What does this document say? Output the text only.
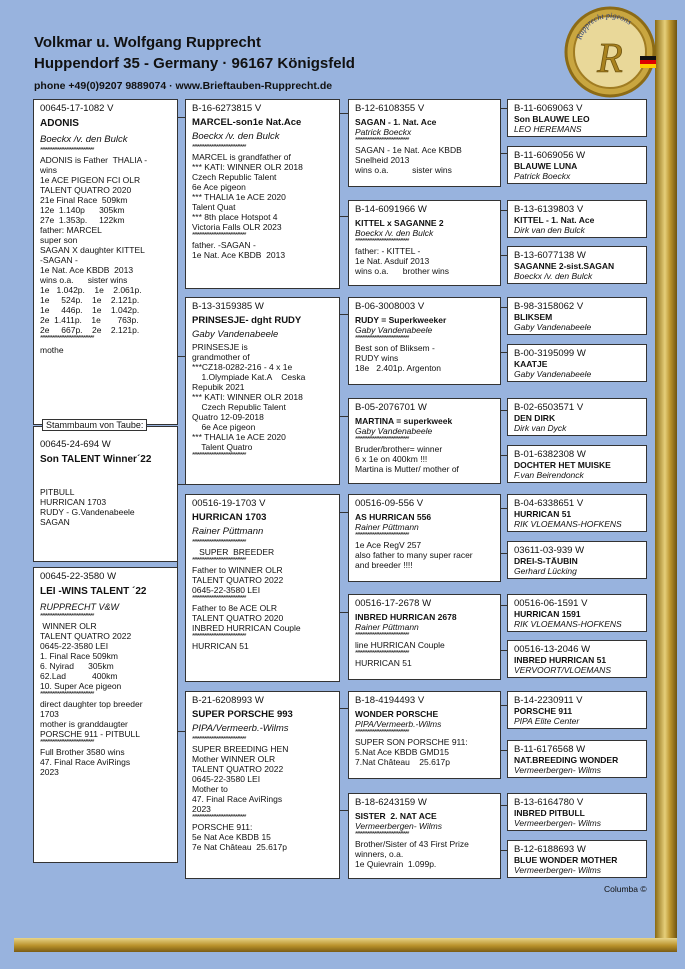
Volkmar u. Wolfgang Rupprecht
Huppendorf 35 - Germany · 96167 Königsfeld
phone +49(0)9207 9889074 · www.Brieftauben-Rupprecht.de
Rupprecht pigeons
R
00645-17-1082 V
ADONIS
Boeckx /v. den Bulck
*******************************
ADONIS is Father  THALIA -
wins
1e ACE PIGEON FCI OLR
TALENT QUATRO 2020
21e Final Race  509km
12e  1.140p      305km
27e  1.353p.     122km
father: MARCEL
super son
SAGAN X daughter KITTEL
-SAGAN -
1e Nat. Ace KBDB  2013
wins o.a.      sister wins
1e   1.042p.    1e    2.061p.
1e     524p.    1e    2.121p.
1e     446p.    1e    1.042p.
2e  1.411p.    1e       763p.
2e     667p.    2e    2.121p.
*******************************
mothe
00645-24-694 W
Son TALENT Winner´22
PITBULL
HURRICAN 1703
RUDY - G.Vandenabeele
SAGAN
Stammbaum von Taube:
00645-22-3580 W
LEI -WINS TALENT ´22
RUPPRECHT V&W
*******************************
WINNER OLR
TALENT QUATRO 2022
0645-22-3580 LEI
1. Final Race 509km
6. Nyirad      305km
62.Lad           400km
10. Super Ace pigeon
*******************************
direct daughter top breeder
1703
mother is granddaugter
PORSCHE 911 - PITBULL
*******************************
Full Brother 3580 wins
47. Final Race AviRings
2023
B-16-6273815 V
MARCEL-son1e Nat.Ace
Boeckx /v. den Bulck
*******************************
MARCEL is grandfather of
*** KATI: WINNER OLR 2018
Czech Republic Talent
6e Ace pigeon
*** THALIA 1e ACE 2020
Talent Quat
*** 8th place Hotspot 4
Victoria Falls OLR 2023
*******************************
father. -SAGAN -
1e Nat. Ace KBDB  2013
B-13-3159385 W
PRINSESJE- dght RUDY
Gaby Vandenabeele
PRINSESJE is
grandmother of
***CZ18-0282-216 - 4 x 1e
1.Olympiade Kat.A    Ceska
Repubik 2021
*** KATI: WINNER OLR 2018
Czech Republic Talent
Quatro 12-09-2018
6e Ace pigeon
*** THALIA 1e ACE 2020
Talent Quatro
*******************************
00516-19-1703 V
HURRICAN 1703
Rainer Püttmann
*******************************
SUPER  BREEDER
*******************************
Father to WINNER OLR
TALENT QUATRO 2022
0645-22-3580 LEI
*******************************
Father to 8e ACE OLR
TALENT QUATRO 2020
INBRED HURRICAN Couple
*******************************
HURRICAN 51
B-21-6208993 W
SUPER PORSCHE 993
PIPA/Vermeerb.-Wilms
*******************************
SUPER BREEDING HEN
Mother WINNER OLR
TALENT QUATRO 2022
0645-22-3580 LEI
Mother to
47. Final Race AviRings
2023
*******************************
PORSCHE 911:
5e Nat Ace KBDB 15
7e Nat Château  25.617p
B-12-6108355 V
SAGAN - 1. Nat. Ace
Patrick Boeckx
*******************************
SAGAN - 1e Nat. Ace KBDB
Snelheid 2013
wins o.a.          sister wins
B-14-6091966 W
KITTEL x SAGANNE 2
Boeckx /v. den Bulck
*******************************
father: - KITTEL -
1e Nat. Asduif 2013
wins o.a.      brother wins
B-06-3008003 V
RUDY = Superkweeker
Gaby Vandenabeele
*******************************
Best son of Bliksem -
RUDY wins
18e   2.401p. Argenton
B-05-2076701 W
MARTINA = superkweek
Gaby Vandenabeele
*******************************
Bruder/brother= winner
6 x 1e on 400km !!!
Martina is Mutter/ mother of
00516-09-556 V
AS HURRICAN 556
Rainer Püttmann
*******************************
1e Ace RegV 257
also father to many super racer
and breeder !!!!
00516-17-2678 W
INBRED HURRICAN 2678
Rainer Püttmann
*******************************
line HURRICAN Couple
*******************************
HURRICAN 51
B-18-4194493 V
WONDER PORSCHE
PIPA/Vermeerb.-Wilms
*******************************
SUPER SON PORSCHE 911:
5.Nat Ace KBDB GMD15
7.Nat Château    25.617p
B-18-6243159 W
SISTER  2. NAT ACE
Vermeerbergen- Wilms
*******************************
Brother/Sister of 43 First Prize
winners, o.a.
1e Quievrain  1.099p.
B-11-6069063 V
Son BLAUWE LEO
LEO HEREMANS
B-11-6069056 W
BLAUWE LUNA
Patrick Boeckx
B-13-6139803 V
KITTEL - 1. Nat. Ace
Dirk van den Bulck
B-13-6077138 W
SAGANNE 2-sist.SAGAN
Boeckx /v. den Bulck
B-98-3158062 V
BLIKSEM
Gaby Vandenabeele
B-00-3195099 W
KAATJE
Gaby Vandenabeele
B-02-6503571 V
DEN DIRK
Dirk van Dyck
B-01-6382308 W
DOCHTER HET MUISKE
F.van Beirendonck
B-04-6338651 V
HURRICAN 51
RIK VLOEMANS-HOFKENS
03611-03-939 W
DREI-S-TÄUBIN
Gerhard Lücking
00516-06-1591 V
HURRICAN 1591
RIK VLOEMANS-HOFKENS
00516-13-2046 W
INBRED HURRICAN 51
VERVOORT/VLOEMANS
B-14-2230911 V
PORSCHE 911
PIPA Elite Center
B-11-6176568 W
NAT.BREEDING WONDER
Vermeerbergen- Wilms
B-13-6164780 V
INBRED PITBULL
Vermeerbergen- Wilms
B-12-6188693 W
BLUE WONDER MOTHER
Vermeerbergen- Wilms
Columba ©
